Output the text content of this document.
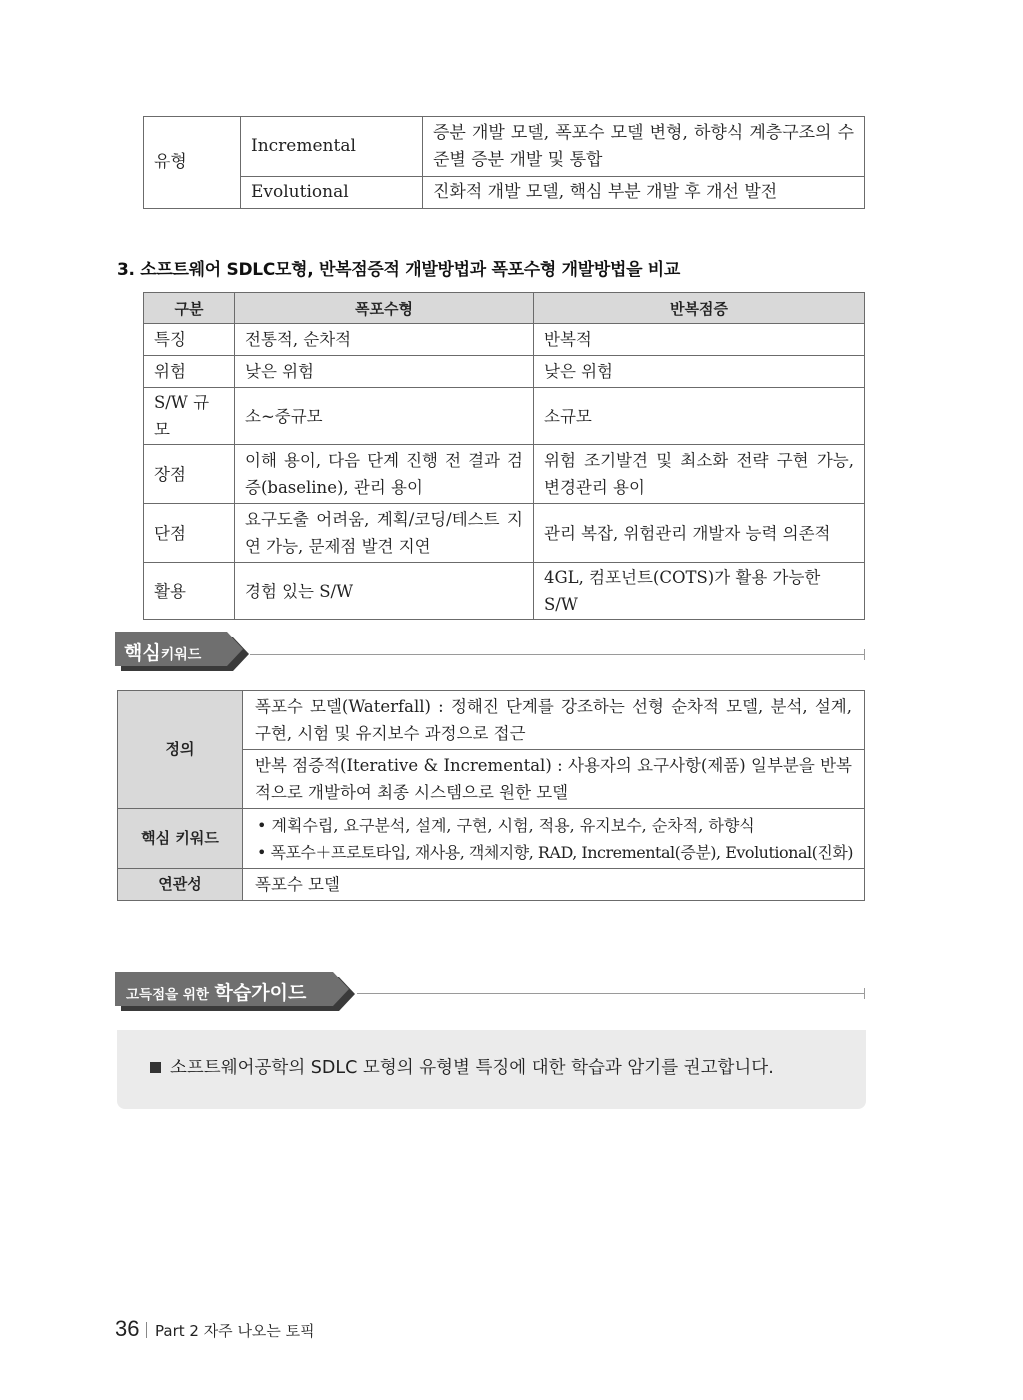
유형	Incremental	증분 개발 모델, 폭포수 모델 변형, 하향식 계층구조의 수준별 증분 개발 및 통합
	Evolutional	진화적 개발 모델, 핵심 부분 개발 후 개선 발전
3. 소프트웨어 SDLC모형, 반복점증적 개발방법과 폭포수형 개발방법을 비교
구분	폭포수형	반복점증
특징	전통적, 순차적	반복적
위험	낮은 위험	낮은 위험
S/W 규모	소~중규모	소규모
장점	이해 용이, 다음 단계 진행 전 결과 검증(baseline), 관리 용이	위험 조기발견 및 최소화 전략 구현 가능, 변경관리 용이
단점	요구도출 어려움, 계획/코딩/테스트 지연 가능, 문제점 발견 지연	관리 복잡, 위험관리 개발자 능력 의존적
활용	경험 있는 S/W	4GL, 컴포넌트(COTS)가 활용 가능한 S/W
핵심키워드
정의	폭포수 모델(Waterfall) : 정해진 단계를 강조하는 선형 순차적 모델, 분석, 설계, 구현, 시험 및 유지보수 과정으로 접근
	반복 점증적(Iterative & Incremental) : 사용자의 요구사항(제품) 일부분을 반복적으로 개발하여 최종 시스템으로 원한 모델
핵심 키워드	• 계획수립, 요구분석, 설계, 구현, 시험, 적용, 유지보수, 순차적, 하향식
• 폭포수＋프로토타입, 재사용, 객체지향, RAD, Incremental(증분), Evolutional(진화)

연관성	폭포수 모델
고득점을 위한 학습가이드
소프트웨어공학의 SDLC 모형의 유형별 특징에 대한 학습과 암기를 권고합니다.
36 Part 2 자주 나오는 토픽
